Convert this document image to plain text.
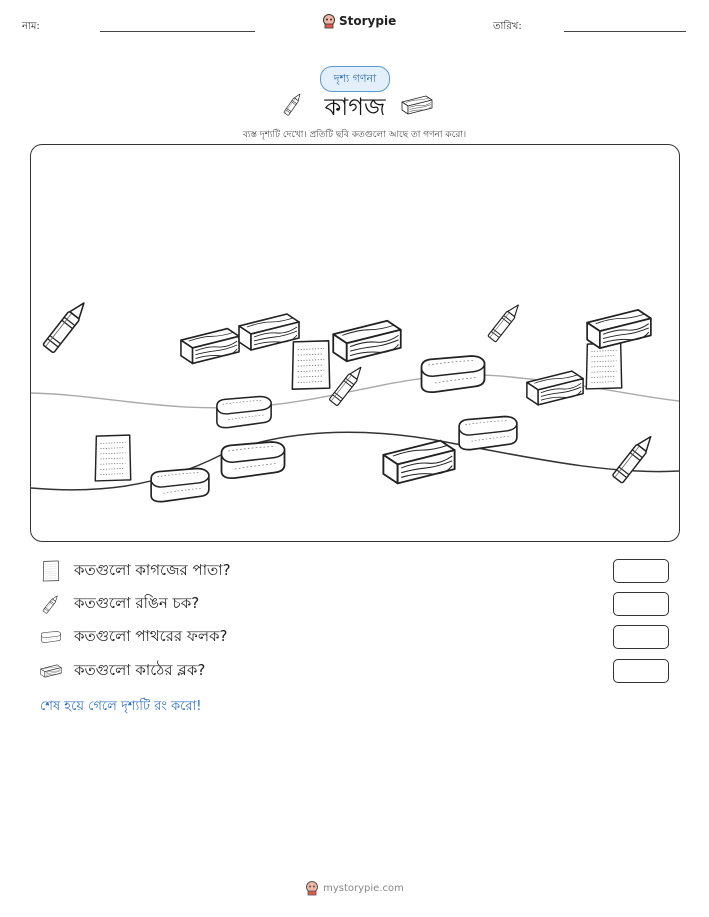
নাম:	Storypie	তারিখ:
দৃশ্য গণনা
কাগজ
ব্যস্ত দৃশ্যটি দেখো। প্রতিটি ছবি কতগুলো আছে তা গণনা করো।
কতগুলো কাগজের পাতা?
কতগুলো রঙিন চক?
কতগুলো পাথরের ফলক?
কতগুলো কাঠের ব্লক?
শেষ হয়ে গেলে দৃশ্যটি রং করো!
mystorypie.com
